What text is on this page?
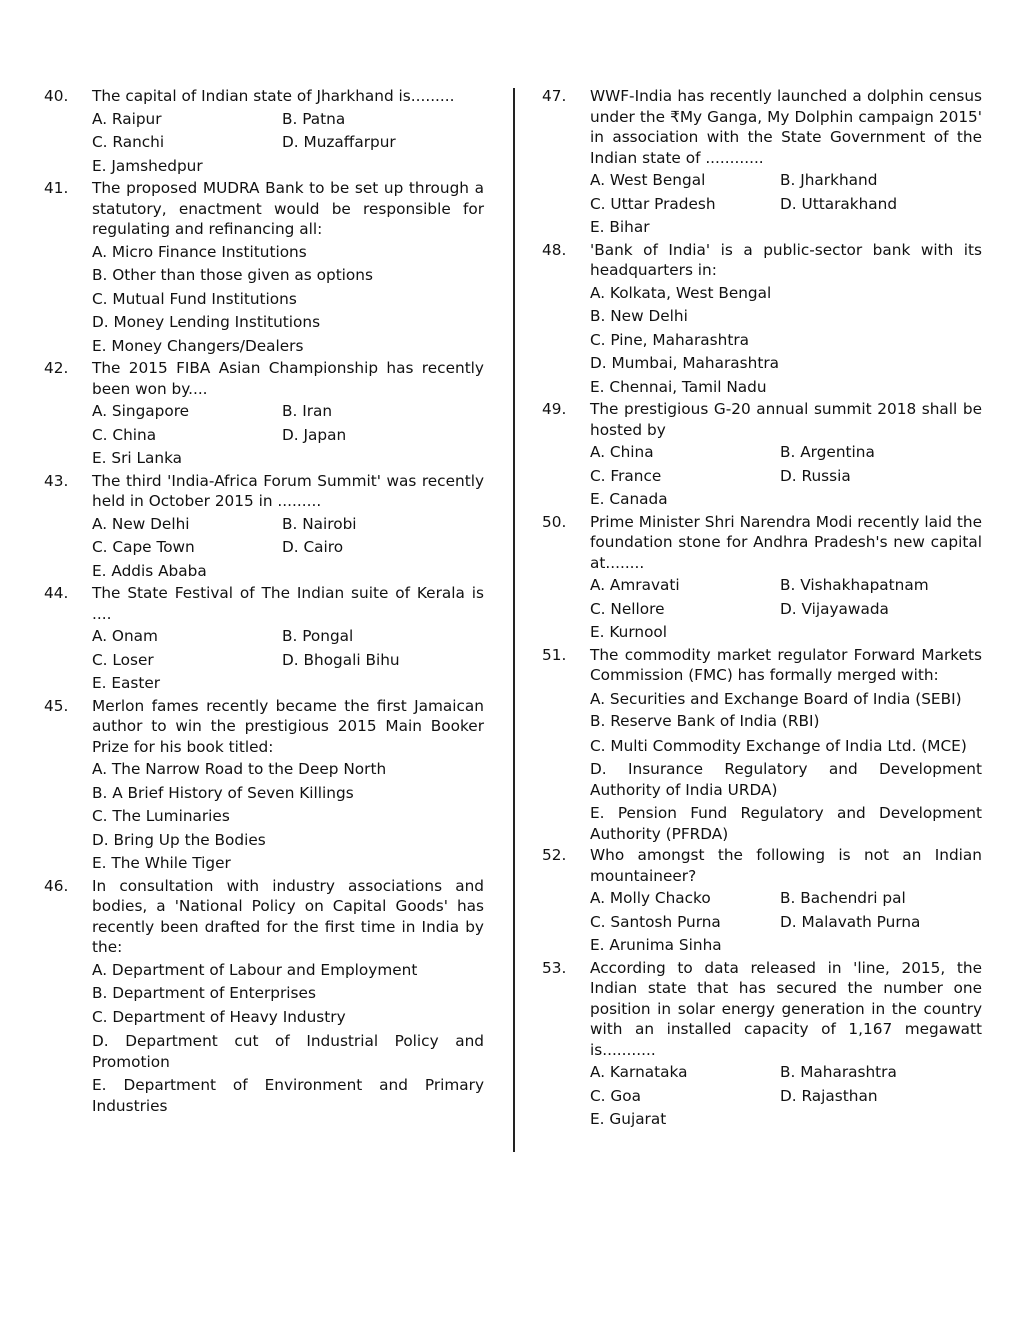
40.	The capital of Indian state of Jharkhand is.........
A. Raipur	B. Patna
C. Ranchi	D. Muzaffarpur
E. Jamshedpur
41.	The proposed MUDRA Bank to be set up through a statutory, enactment would be responsible for regulating and refinancing all:
A. Micro Finance Institutions
B. Other than those given as options
C. Mutual Fund Institutions
D. Money Lending Institutions
E. Money Changers/Dealers
42.	The 2015 FIBA Asian Championship has recently been won by....
A. Singapore	B. Iran
C. China	D. Japan
E. Sri Lanka
43.	The third 'India-Africa Forum Summit' was recently held in October 2015 in .........
A. New Delhi	B. Nairobi
C. Cape Town	D. Cairo
E. Addis Ababa
44.	The State Festival of The Indian suite of Kerala is ....
A. Onam	B. Pongal
C. Loser	D. Bhogali Bihu
E. Easter
45.	Merlon fames recently became the first Jamaican author to win the prestigious 2015 Main Booker Prize for his book titled:
A. The Narrow Road to the Deep North
B. A Brief History of Seven Killings
C. The Luminaries
D. Bring Up the Bodies
E. The While Tiger
46.	In consultation with industry associations and bodies, a 'National Policy on Capital Goods' has recently been drafted for the first time in India by the:
A. Department of Labour and Employment
B. Department of Enterprises
C. Department of Heavy Industry
D. Department cut of Industrial Policy and Promotion
E. Department of Environment and Primary Industries
47.	WWF-India has recently launched a dolphin census under the ₹My Ganga, My Dolphin campaign 2015' in association with the State Government of the Indian state of ............
A. West Bengal	B. Jharkhand
C. Uttar Pradesh	D. Uttarakhand
E. Bihar
48.	'Bank of India' is a public-sector bank with its headquarters in:
A. Kolkata, West Bengal
B. New Delhi
C. Pine, Maharashtra
D. Mumbai, Maharashtra
E. Chennai, Tamil Nadu
49.	The prestigious G-20 annual summit 2018 shall be hosted by
A. China	B. Argentina
C. France	D. Russia
E. Canada
50.	Prime Minister Shri Narendra Modi recently laid the foundation stone for Andhra Pradesh's new capital at........
A. Amravati	B. Vishakhapatnam
C. Nellore	D. Vijayawada
E. Kurnool
51.	The commodity market regulator Forward Markets Commission (FMC) has formally merged with:
A. Securities and Exchange Board of India (SEBI)
B. Reserve Bank of India (RBI)
C. Multi Commodity Exchange of India Ltd. (MCE)
D. Insurance Regulatory and Development Authority of India URDA)
E. Pension Fund Regulatory and Development Authority (PFRDA)
52.	Who amongst the following is not an Indian mountaineer?
A. Molly Chacko	B. Bachendri pal
C. Santosh Purna	D. Malavath Purna
E. Arunima Sinha
53.	According to data released in 'line, 2015, the Indian state that has secured the number one position in solar energy generation in the country with an installed capacity of 1,167 megawatt is...........
A. Karnataka	B. Maharashtra
C. Goa	D. Rajasthan
E. Gujarat
